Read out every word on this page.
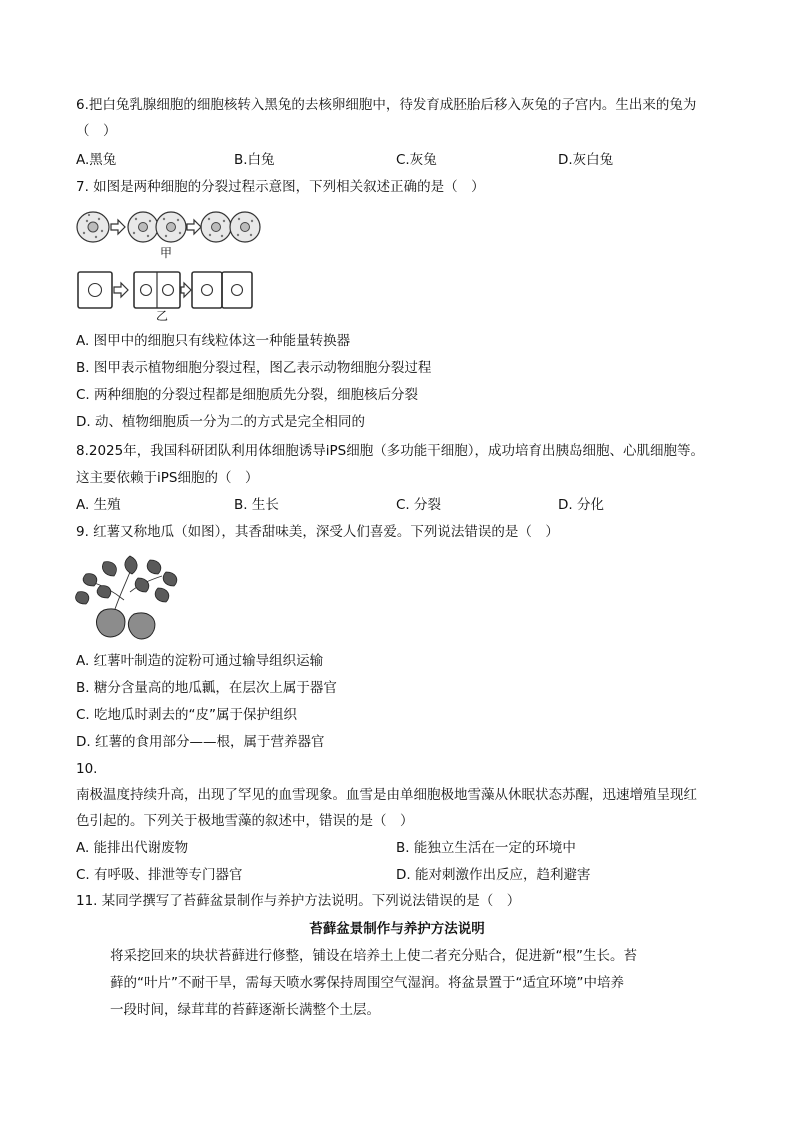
6.把白兔乳腺细胞的细胞核转入黑兔的去核卵细胞中，待发育成胚胎后移入灰兔的子宫内。生出来的兔为
（　）
A.黑兔	B.白兔	C.灰兔	D.灰白兔
7. 如图是两种细胞的分裂过程示意图，下列相关叙述正确的是（　）
甲
乙
A. 图甲中的细胞只有线粒体这一种能量转换器
B. 图甲表示植物细胞分裂过程，图乙表示动物细胞分裂过程
C. 两种细胞的分裂过程都是细胞质先分裂，细胞核后分裂
D. 动、植物细胞质一分为二的方式是完全相同的
8.2025年，我国科研团队利用体细胞诱导iPS细胞（多功能干细胞），成功培育出胰岛细胞、心肌细胞等。
这主要依赖于iPS细胞的（　）
A. 生殖	B. 生长	C. 分裂	D. 分化
9. 红薯又称地瓜（如图），其香甜味美，深受人们喜爱。下列说法错误的是（　）
A. 红薯叶制造的淀粉可通过输导组织运输
B. 糖分含量高的地瓜瓤，在层次上属于器官
C. 吃地瓜时剥去的“皮”属于保护组织
D. 红薯的食用部分——根，属于营养器官
10.
南极温度持续升高，出现了罕见的血雪现象。血雪是由单细胞极地雪藻从休眠状态苏醒，迅速增殖呈现红
色引起的。下列关于极地雪藻的叙述中，错误的是（　）
A. 能排出代谢废物	B. 能独立生活在一定的环境中
C. 有呼吸、排泄等专门器官	D. 能对刺激作出反应，趋利避害
11. 某同学撰写了苔藓盆景制作与养护方法说明。下列说法错误的是（　）
苔藓盆景制作与养护方法说明
将采挖回来的块状苔藓进行修整，铺设在培养土上使二者充分贴合，促进新“根”生长。苔
藓的“叶片”不耐干旱，需每天喷水雾保持周围空气湿润。将盆景置于“适宜环境”中培养
一段时间，绿茸茸的苔藓逐渐长满整个土层。
